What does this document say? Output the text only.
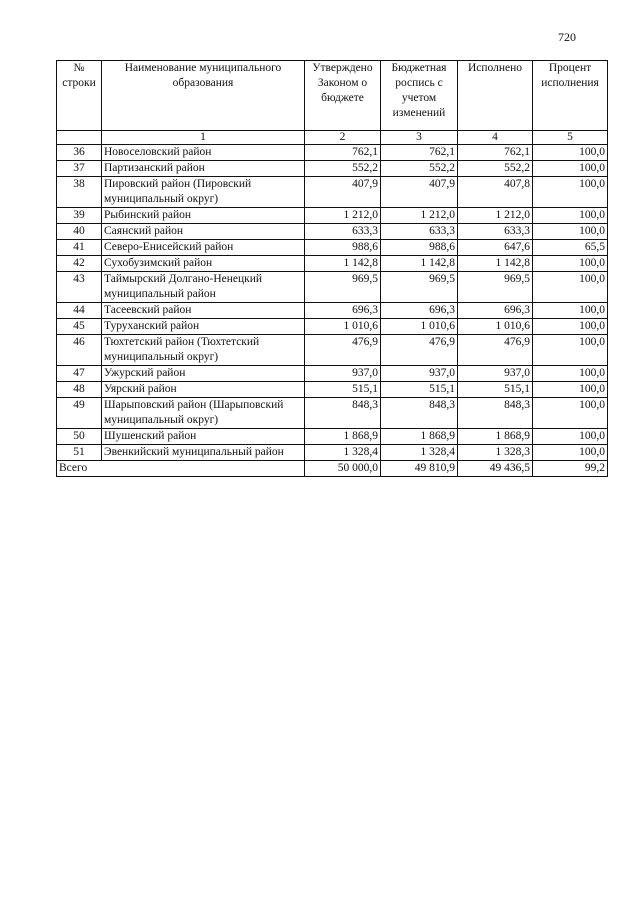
720
№ строки	Наименование муниципального образования	Утверждено Законом о бюджете	Бюджетная роспись с учетом изменений	Исполнено	Процент исполнения
	1	2	3	4	5
36	Новоселовский район	762,1	762,1	762,1	100,0
37	Партизанский район	552,2	552,2	552,2	100,0
38	Пировский район (Пировский муниципальный округ)	407,9	407,9	407,8	100,0
39	Рыбинский район	1 212,0	1 212,0	1 212,0	100,0
40	Саянский район	633,3	633,3	633,3	100,0
41	Северо-Енисейский район	988,6	988,6	647,6	65,5
42	Сухобузимский район	1 142,8	1 142,8	1 142,8	100,0
43	Таймырский Долгано-Ненецкий муниципальный район	969,5	969,5	969,5	100,0
44	Тасеевский район	696,3	696,3	696,3	100,0
45	Туруханский район	1 010,6	1 010,6	1 010,6	100,0
46	Тюхтетский район (Тюхтетский муниципальный округ)	476,9	476,9	476,9	100,0
47	Ужурский район	937,0	937,0	937,0	100,0
48	Уярский район	515,1	515,1	515,1	100,0
49	Шарыповский район (Шарыповский муниципальный округ)	848,3	848,3	848,3	100,0
50	Шушенский район	1 868,9	1 868,9	1 868,9	100,0
51	Эвенкийский муниципальный район	1 328,4	1 328,4	1 328,3	100,0
Всего		50 000,0	49 810,9	49 436,5	99,2
